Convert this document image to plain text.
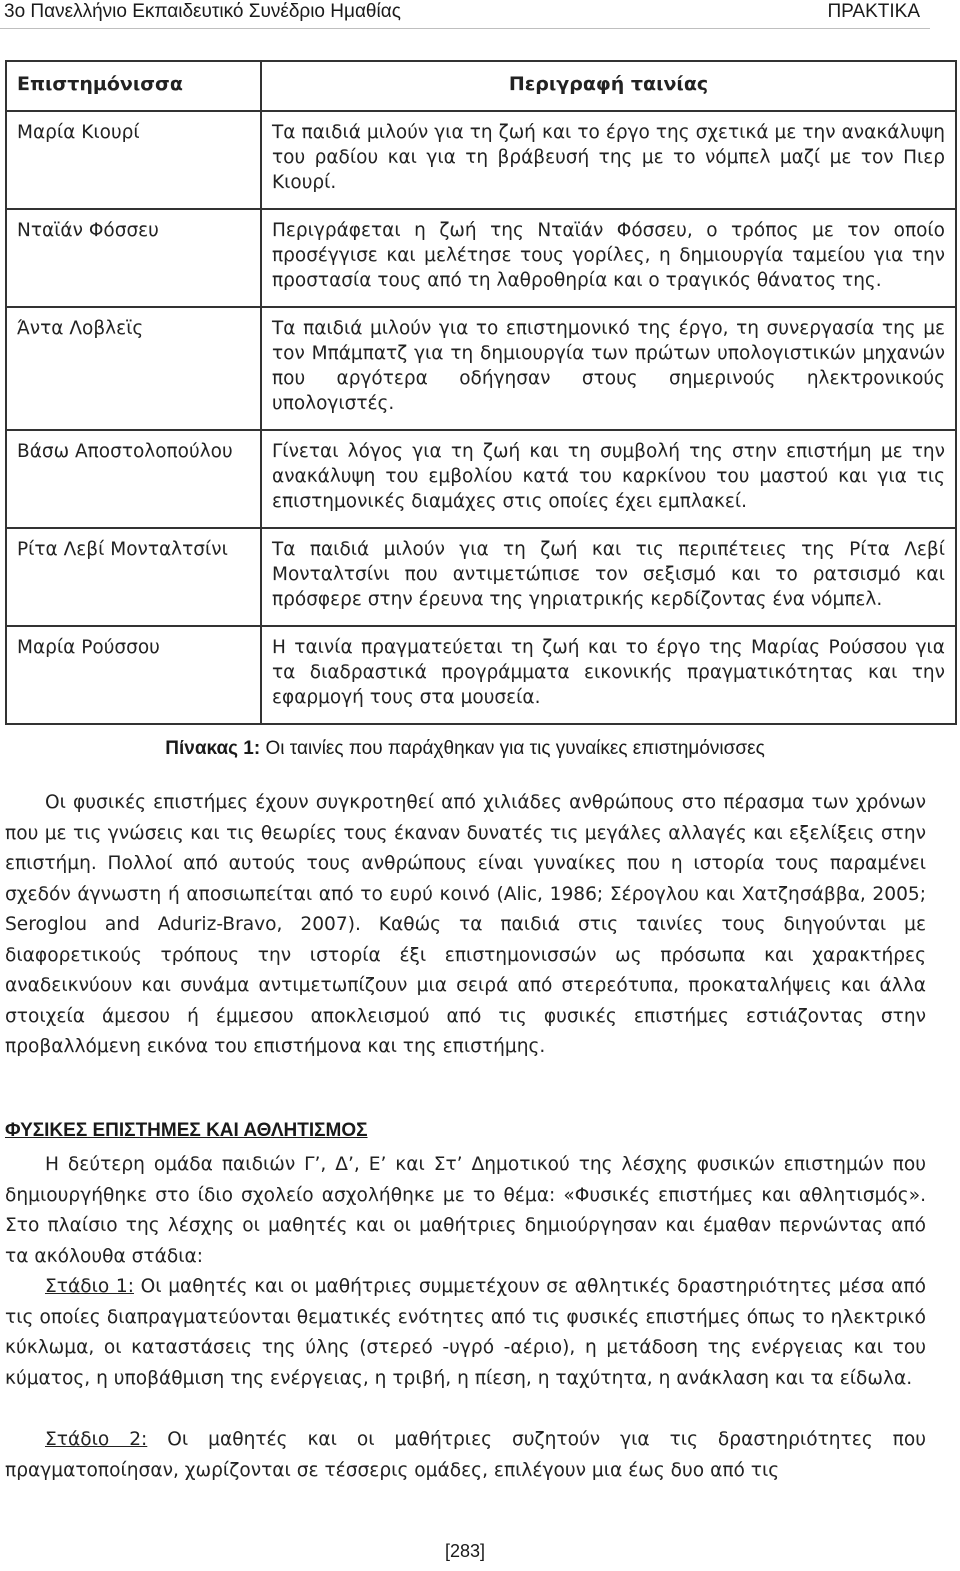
3ο Πανελλήνιο Εκπαιδευτικό Συνέδριο Ημαθίας	ΠΡΑΚΤΙΚΑ
Επιστημόνισσα	Περιγραφή ταινίας
Μαρία Κιουρί	Τα παιδιά μιλούν για τη ζωή και το έργο της σχετικά με την ανακάλυψη του ραδίου και για τη βράβευσή της με το νόμπελ μαζί με τον Πιερ Κιουρί.
Νταϊάν Φόσσευ	Περιγράφεται η ζωή της Νταϊάν Φόσσευ, ο τρόπος με τον οποίο προσέγγισε και μελέτησε τους γορίλες, η δημιουργία ταμείου για την προστασία τους από τη λαθροθηρία και ο τραγικός θάνατος της.
Άντα Λοβλεϊς	Τα παιδιά μιλούν για το επιστημονικό της έργο, τη συνεργασία της με τον Μπάμπατζ για τη δημιουργία των πρώτων υπολογιστικών μηχανών που αργότερα οδήγησαν στους σημερινούς ηλεκτρονικούς υπολογιστές.
Βάσω Αποστολοπούλου	Γίνεται λόγος για τη ζωή και τη συμβολή της στην επιστήμη με την ανακάλυψη του εμβολίου κατά του καρκίνου του μαστού και για τις επιστημονικές διαμάχες στις οποίες έχει εμπλακεί.
Ρίτα Λεβί Μονταλτσίνι	Τα παιδιά μιλούν για τη ζωή και τις περιπέτειες της Ρίτα Λεβί Μονταλτσίνι που αντιμετώπισε τον σεξισμό και το ρατσισμό και πρόσφερε στην έρευνα της γηριατρικής κερδίζοντας ένα νόμπελ.
Μαρία Ρούσσου	Η ταινία πραγματεύεται τη ζωή και το έργο της Μαρίας Ρούσσου για τα διαδραστικά προγράμματα εικονικής πραγματικότητας και την εφαρμογή τους στα μουσεία.
Πίνακας 1: Οι ταινίες που παράχθηκαν για τις γυναίκες επιστημόνισσες
Οι φυσικές επιστήμες έχουν συγκροτηθεί από χιλιάδες ανθρώπους στο πέρασμα των χρόνων που με τις γνώσεις και τις θεωρίες τους έκαναν δυνατές τις μεγάλες αλλαγές και εξελίξεις στην επιστήμη. Πολλοί από αυτούς τους ανθρώπους είναι γυναίκες που η ιστορία τους παραμένει σχεδόν άγνωστη ή αποσιωπείται από το ευρύ κοινό (Alic, 1986; Σέρογλου και Χατζησάββα, 2005; Seroglou and Aduriz-Bravo, 2007). Καθώς τα παιδιά στις ταινίες τους διηγούνται με διαφορετικούς τρόπους την ιστορία έξι επιστημονισσών ως πρόσωπα και χαρακτήρες αναδεικνύουν και συνάμα αντιμετωπίζουν μια σειρά από στερεότυπα, προκαταλήψεις και άλλα στοιχεία άμεσου ή έμμεσου αποκλεισμού από τις φυσικές επιστήμες εστιάζοντας στην προβαλλόμενη εικόνα του επιστήμονα και της επιστήμης.
ΦΥΣΙΚΕΣ ΕΠΙΣΤΗΜΕΣ ΚΑΙ ΑΘΛΗΤΙΣΜΟΣ
Η δεύτερη ομάδα παιδιών Γ’, Δ’, Ε’ και Στ’ Δημοτικού της λέσχης φυσικών επιστημών που δημιουργήθηκε στο ίδιο σχολείο ασχολήθηκε με το θέμα: «Φυσικές επιστήμες και αθλητισμός». Στο πλαίσιο της λέσχης οι μαθητές και οι μαθήτριες δημιούργησαν και έμαθαν περνώντας από τα ακόλουθα στάδια:
Στάδιο 1: Οι μαθητές και οι μαθήτριες συμμετέχουν σε αθλητικές δραστηριότητες μέσα από τις οποίες διαπραγματεύονται θεματικές ενότητες από τις φυσικές επιστήμες όπως το ηλεκτρικό κύκλωμα, οι καταστάσεις της ύλης (στερεό -υγρό -αέριο), η μετάδοση της ενέργειας και του κύματος, η υποβάθμιση της ενέργειας, η τριβή, η πίεση, η ταχύτητα, η ανάκλαση και τα είδωλα.
Στάδιο 2: Οι μαθητές και οι μαθήτριες συζητούν για τις δραστηριότητες που πραγματοποίησαν, χωρίζονται σε τέσσερις ομάδες, επιλέγουν μια έως δυο από τις
[283]
